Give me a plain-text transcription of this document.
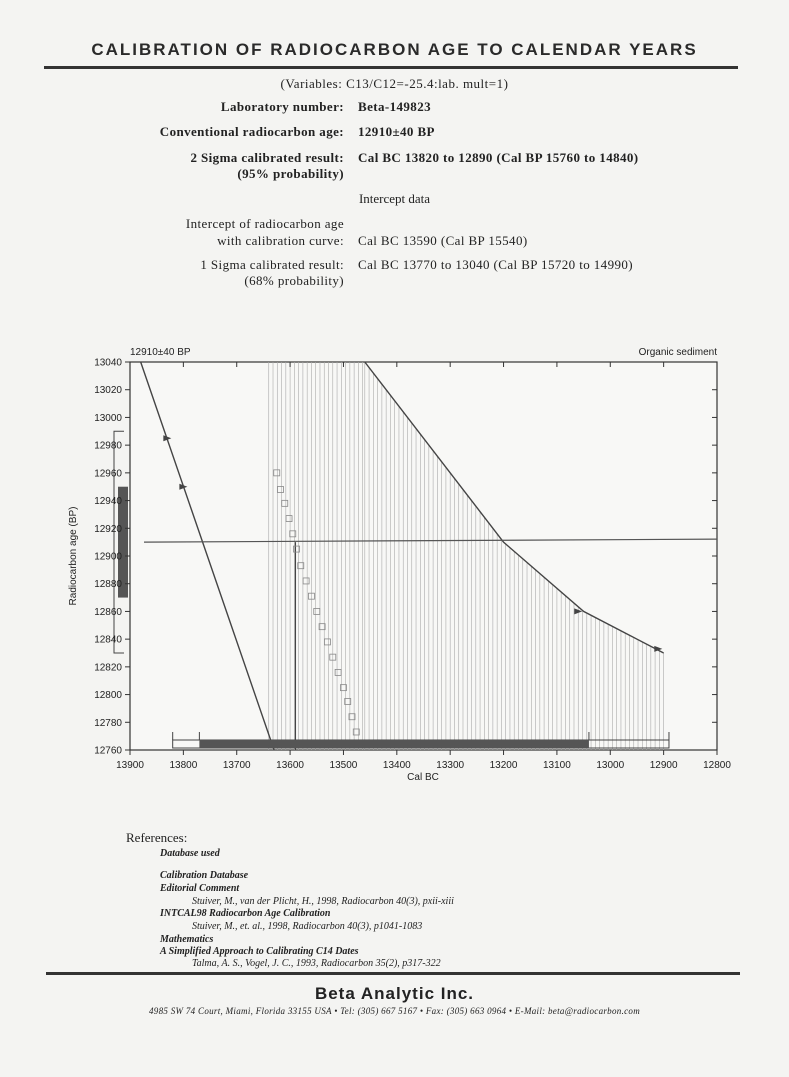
CALIBRATION OF RADIOCARBON AGE TO CALENDAR YEARS
(Variables: C13/C12=-25.4:lab. mult=1)
Laboratory number: Beta-149823
Conventional radiocarbon age: 12910±40 BP
2 Sigma calibrated result: Cal BC 13820 to 12890 (Cal BP 15760 to 14840)
(95% probability)
Intercept data
Intercept of radiocarbon age
with calibration curve: Cal BC 13590 (Cal BP 15540)
1 Sigma calibrated result: Cal BC 13770 to 13040 (Cal BP 15720 to 14990)
(68% probability)
13900	13800	13700	13600	13500	13400	13300	13200	13100	13000	12900	12800
12760
12780
12800
12820
12840
12860
12880
12900
12920
12940
12960
12980
13000
13020
13040
12910±40 BP	Organic sediment
Cal BC
Radiocarbon age (BP)
References:
Database used
Calibration Database
Editorial Comment
Stuiver, M., van der Plicht, H., 1998, Radiocarbon 40(3), pxii-xiii
INTCAL98 Radiocarbon Age Calibration
Stuiver, M., et. al., 1998, Radiocarbon 40(3), p1041-1083
Mathematics
A Simplified Approach to Calibrating C14 Dates
Talma, A. S., Vogel, J. C., 1993, Radiocarbon 35(2), p317-322
Beta Analytic Inc.
4985 SW 74 Court, Miami, Florida 33155 USA • Tel: (305) 667 5167 • Fax: (305) 663 0964 • E-Mail: beta@radiocarbon.com
